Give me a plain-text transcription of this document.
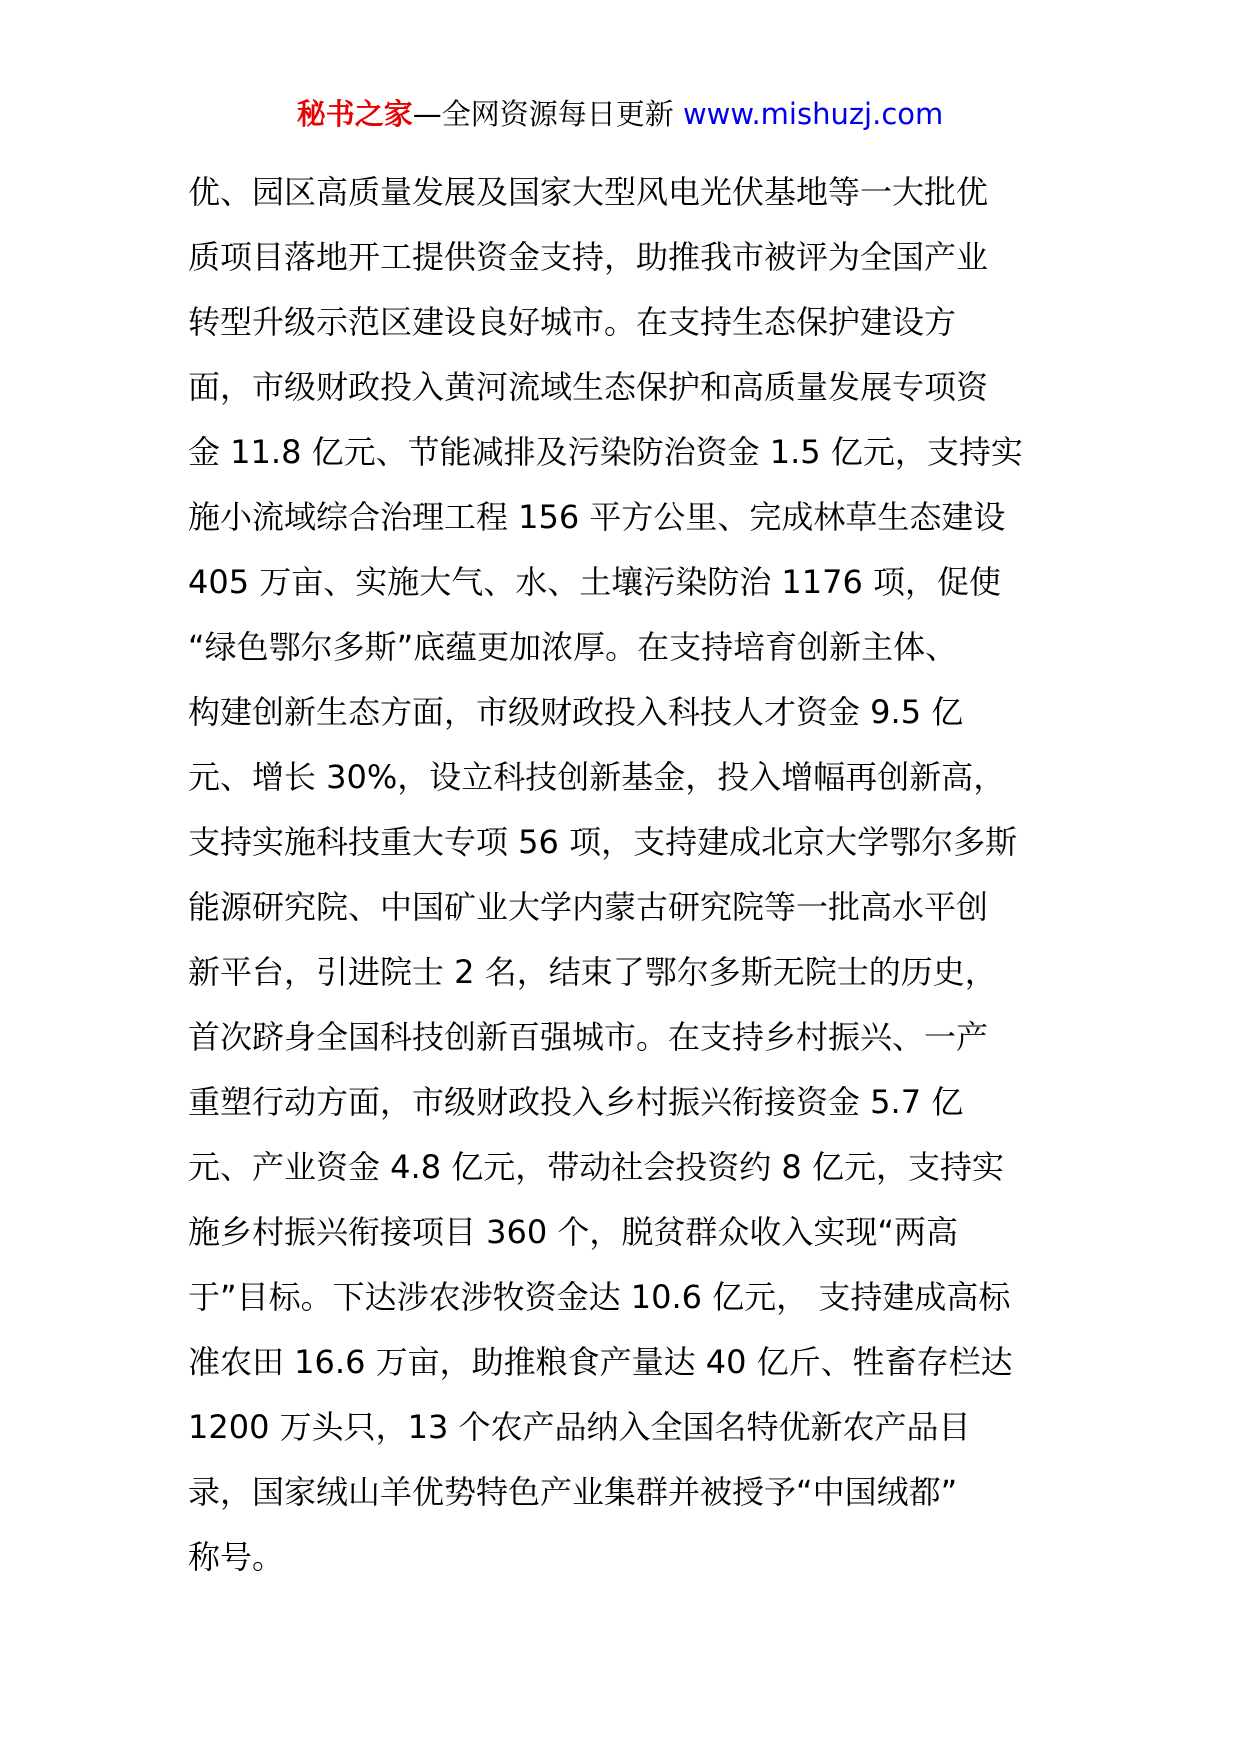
秘书之家—全网资源每日更新 www.mishuzj.com
优、园区高质量发展及国家大型风电光伏基地等一大批优
质项目落地开工提供资金支持，助推我市被评为全国产业
转型升级示范区建设良好城市。在支持生态保护建设方
面，市级财政投入黄河流域生态保护和高质量发展专项资
金 11.8 亿元、节能减排及污染防治资金 1.5 亿元，支持实
施小流域综合治理工程 156 平方公里、完成林草生态建设
405 万亩、实施大气、水、土壤污染防治 1176 项，促使
“绿色鄂尔多斯”底蕴更加浓厚。在支持培育创新主体、
构建创新生态方面，市级财政投入科技人才资金 9.5 亿
元、增长 30%，设立科技创新基金，投入增幅再创新高，
支持实施科技重大专项 56 项，支持建成北京大学鄂尔多斯
能源研究院、中国矿业大学内蒙古研究院等一批高水平创
新平台，引进院士 2 名，结束了鄂尔多斯无院士的历史，
首次跻身全国科技创新百强城市。在支持乡村振兴、一产
重塑行动方面，市级财政投入乡村振兴衔接资金 5.7 亿
元、产业资金 4.8 亿元，带动社会投资约 8 亿元，支持实
施乡村振兴衔接项目 360 个，脱贫群众收入实现“两高
于”目标。下达涉农涉牧资金达 10.6 亿元， 支持建成高标
准农田 16.6 万亩，助推粮食产量达 40 亿斤、牲畜存栏达
1200 万头只，13 个农产品纳入全国名特优新农产品目
录，国家绒山羊优势特色产业集群并被授予“中国绒都”
称号。
